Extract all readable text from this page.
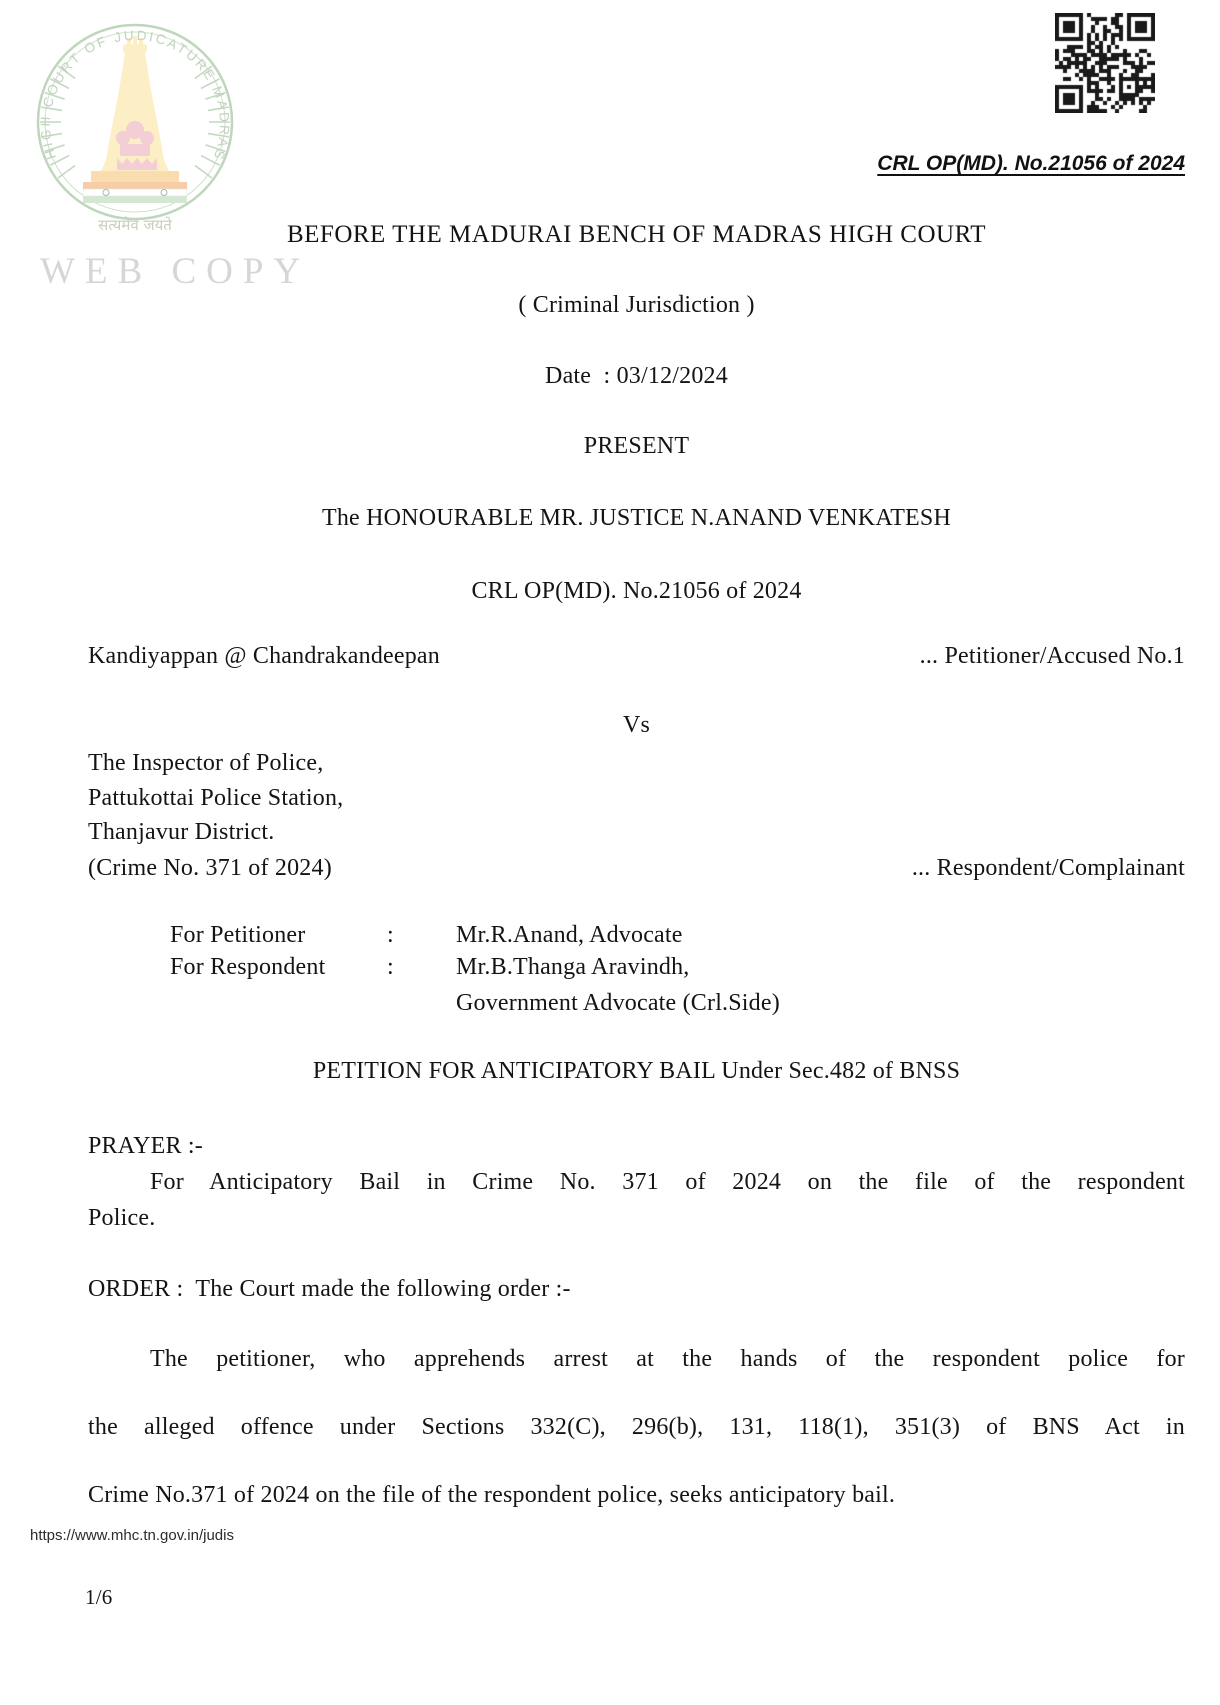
HIGH COURT OF JUDICATURE MADRAS
सत्यमेव जयते
WEB COPY
CRL OP(MD). No.21056 of 2024
BEFORE THE MADURAI BENCH OF MADRAS HIGH COURT
( Criminal Jurisdiction )
Date  : 03/12/2024
PRESENT
The HONOURABLE MR. JUSTICE N.ANAND VENKATESH
CRL OP(MD). No.21056 of 2024
Kandiyappan @ Chandrakandeepan	... Petitioner/Accused No.1
Vs
The Inspector of Police,
Pattukottai Police Station,
Thanjavur District.
(Crime No. 371 of 2024)	... Respondent/Complainant
For Petitioner	:	Mr.R.Anand, Advocate
For Respondent	:	Mr.B.Thanga Aravindh,
Government Advocate (Crl.Side)
PETITION FOR ANTICIPATORY BAIL Under Sec.482 of BNSS
PRAYER :-
For Anticipatory Bail in Crime No. 371 of 2024 on the file of the respondent
Police.
ORDER :  The Court made the following order :-
The petitioner, who apprehends arrest at the hands of the respondent police for
the alleged offence under Sections 332(C), 296(b), 131, 118(1), 351(3) of BNS Act in
Crime No.371 of 2024 on the file of the respondent police, seeks anticipatory bail.
https://www.mhc.tn.gov.in/judis
1/6
